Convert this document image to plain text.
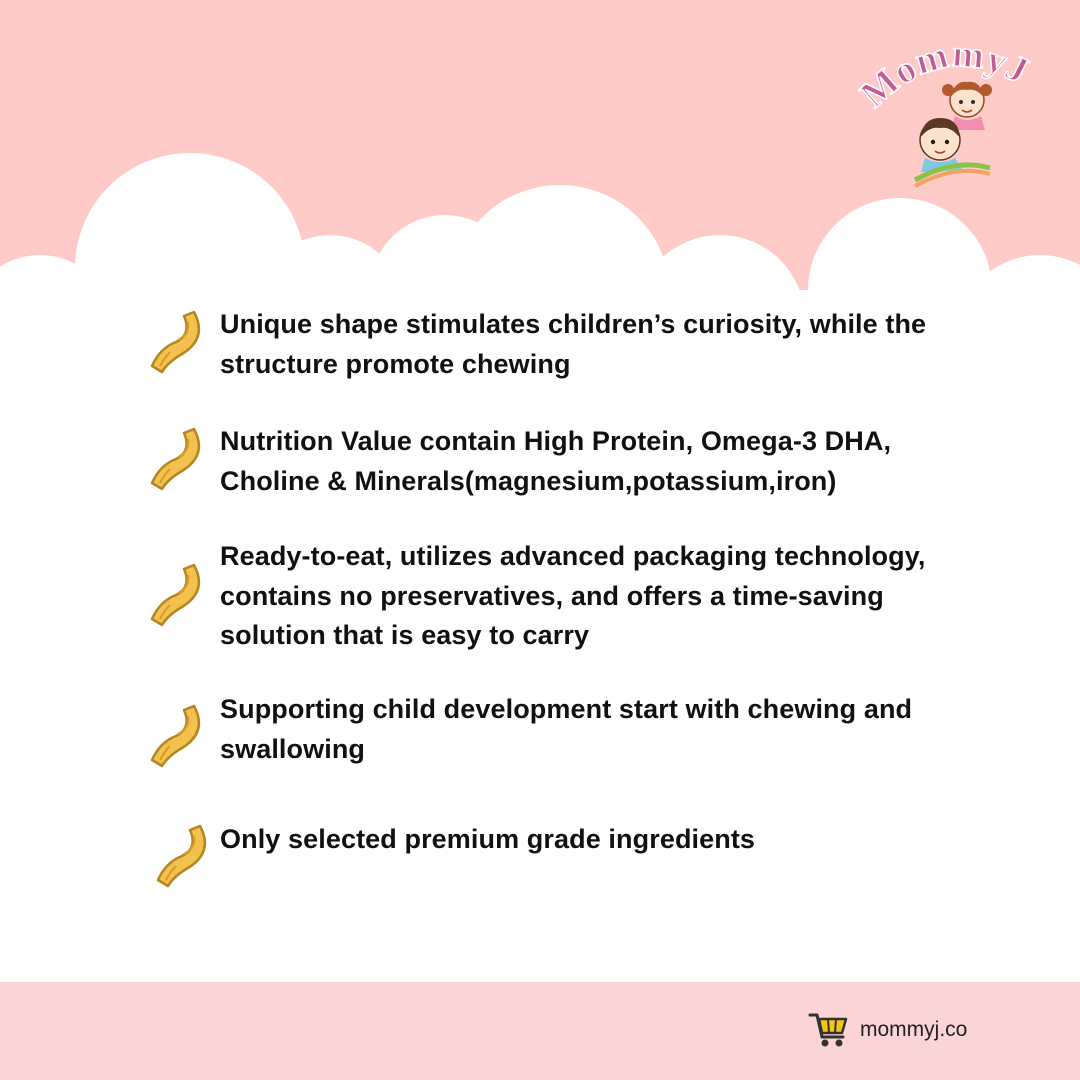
MommyJ
Unique shape stimulates children’s curiosity, while the structure promote chewing
Nutrition Value contain High Protein, Omega-3 DHA, Choline & Minerals(magnesium,potassium,iron)
Ready-to-eat, utilizes advanced packaging technology, contains no preservatives, and offers a time-saving solution that is easy to carry
Supporting child development start with chewing and swallowing
Only selected premium grade ingredients
mommyj.co
